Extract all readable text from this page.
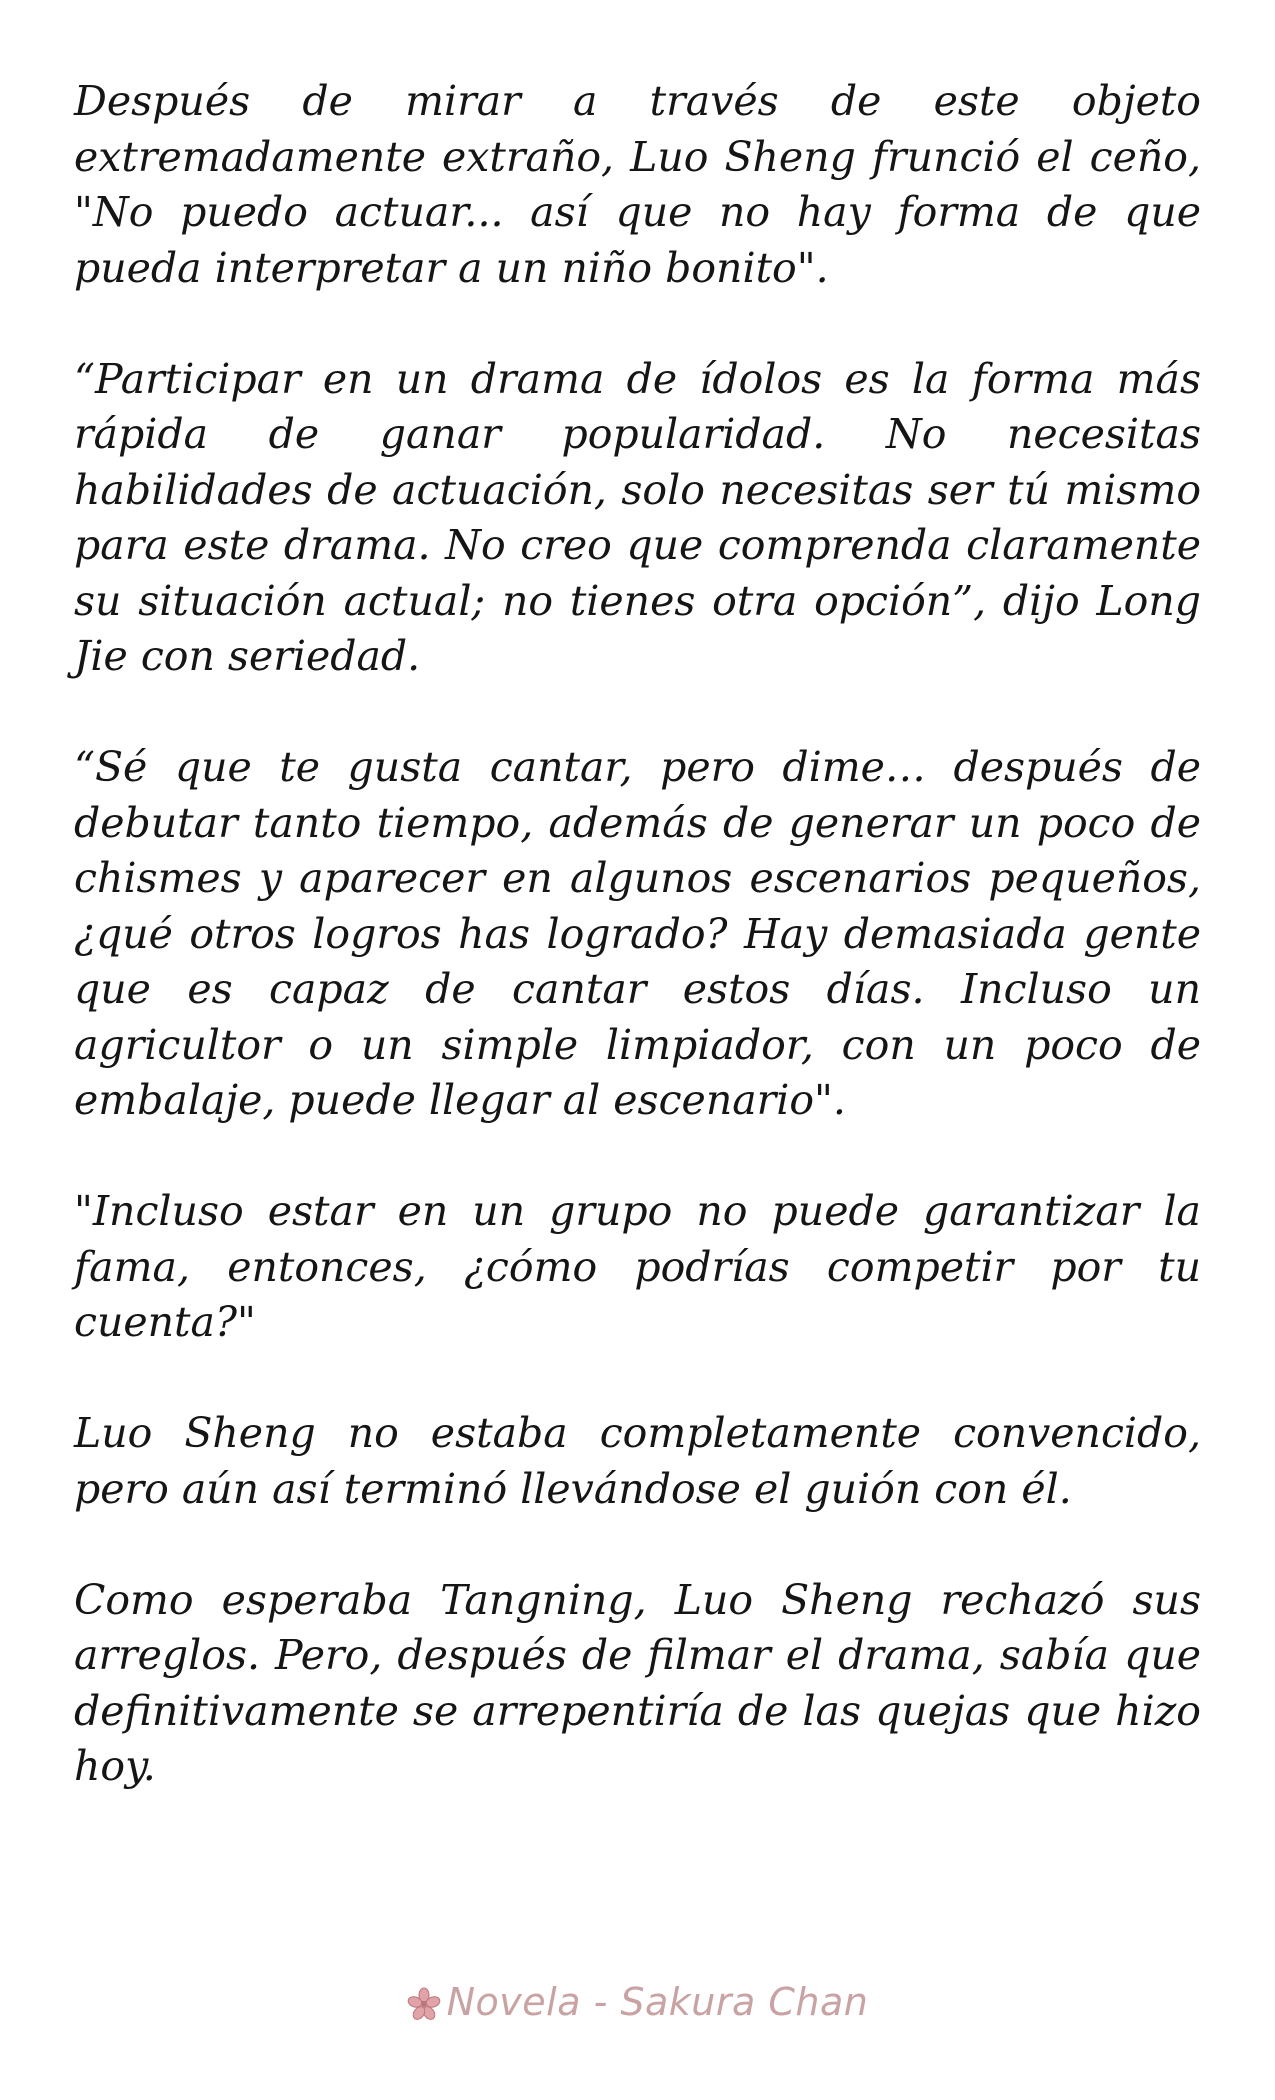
Después de mirar a través de este objeto extremadamente extraño, Luo Sheng frunció el ceño, "No puedo actuar... así que no hay forma de que pueda interpretar a un niño bonito".

“Participar en un drama de ídolos es la forma más rápida de ganar popularidad. No necesitas habilidades de actuación, solo necesitas ser tú mismo para este drama. No creo que comprenda claramente su situación actual; no tienes otra opción”, dijo Long Jie con seriedad.

“Sé que te gusta cantar, pero dime… después de debutar tanto tiempo, además de generar un poco de chismes y aparecer en algunos escenarios pequeños, ¿qué otros logros has logrado? Hay demasiada gente que es capaz de cantar estos días. Incluso un agricultor o un simple limpiador, con un poco de embalaje, puede llegar al escenario".

"Incluso estar en un grupo no puede garantizar la fama, entonces, ¿cómo podrías competir por tu cuenta?"

Luo Sheng no estaba completamente convencido, pero aún así terminó llevándose el guión con él.

Como esperaba Tangning, Luo Sheng rechazó sus arreglos. Pero, después de filmar el drama, sabía que definitivamente se arrepentiría de las quejas que hizo hoy.

Novela - Sakura Chan
